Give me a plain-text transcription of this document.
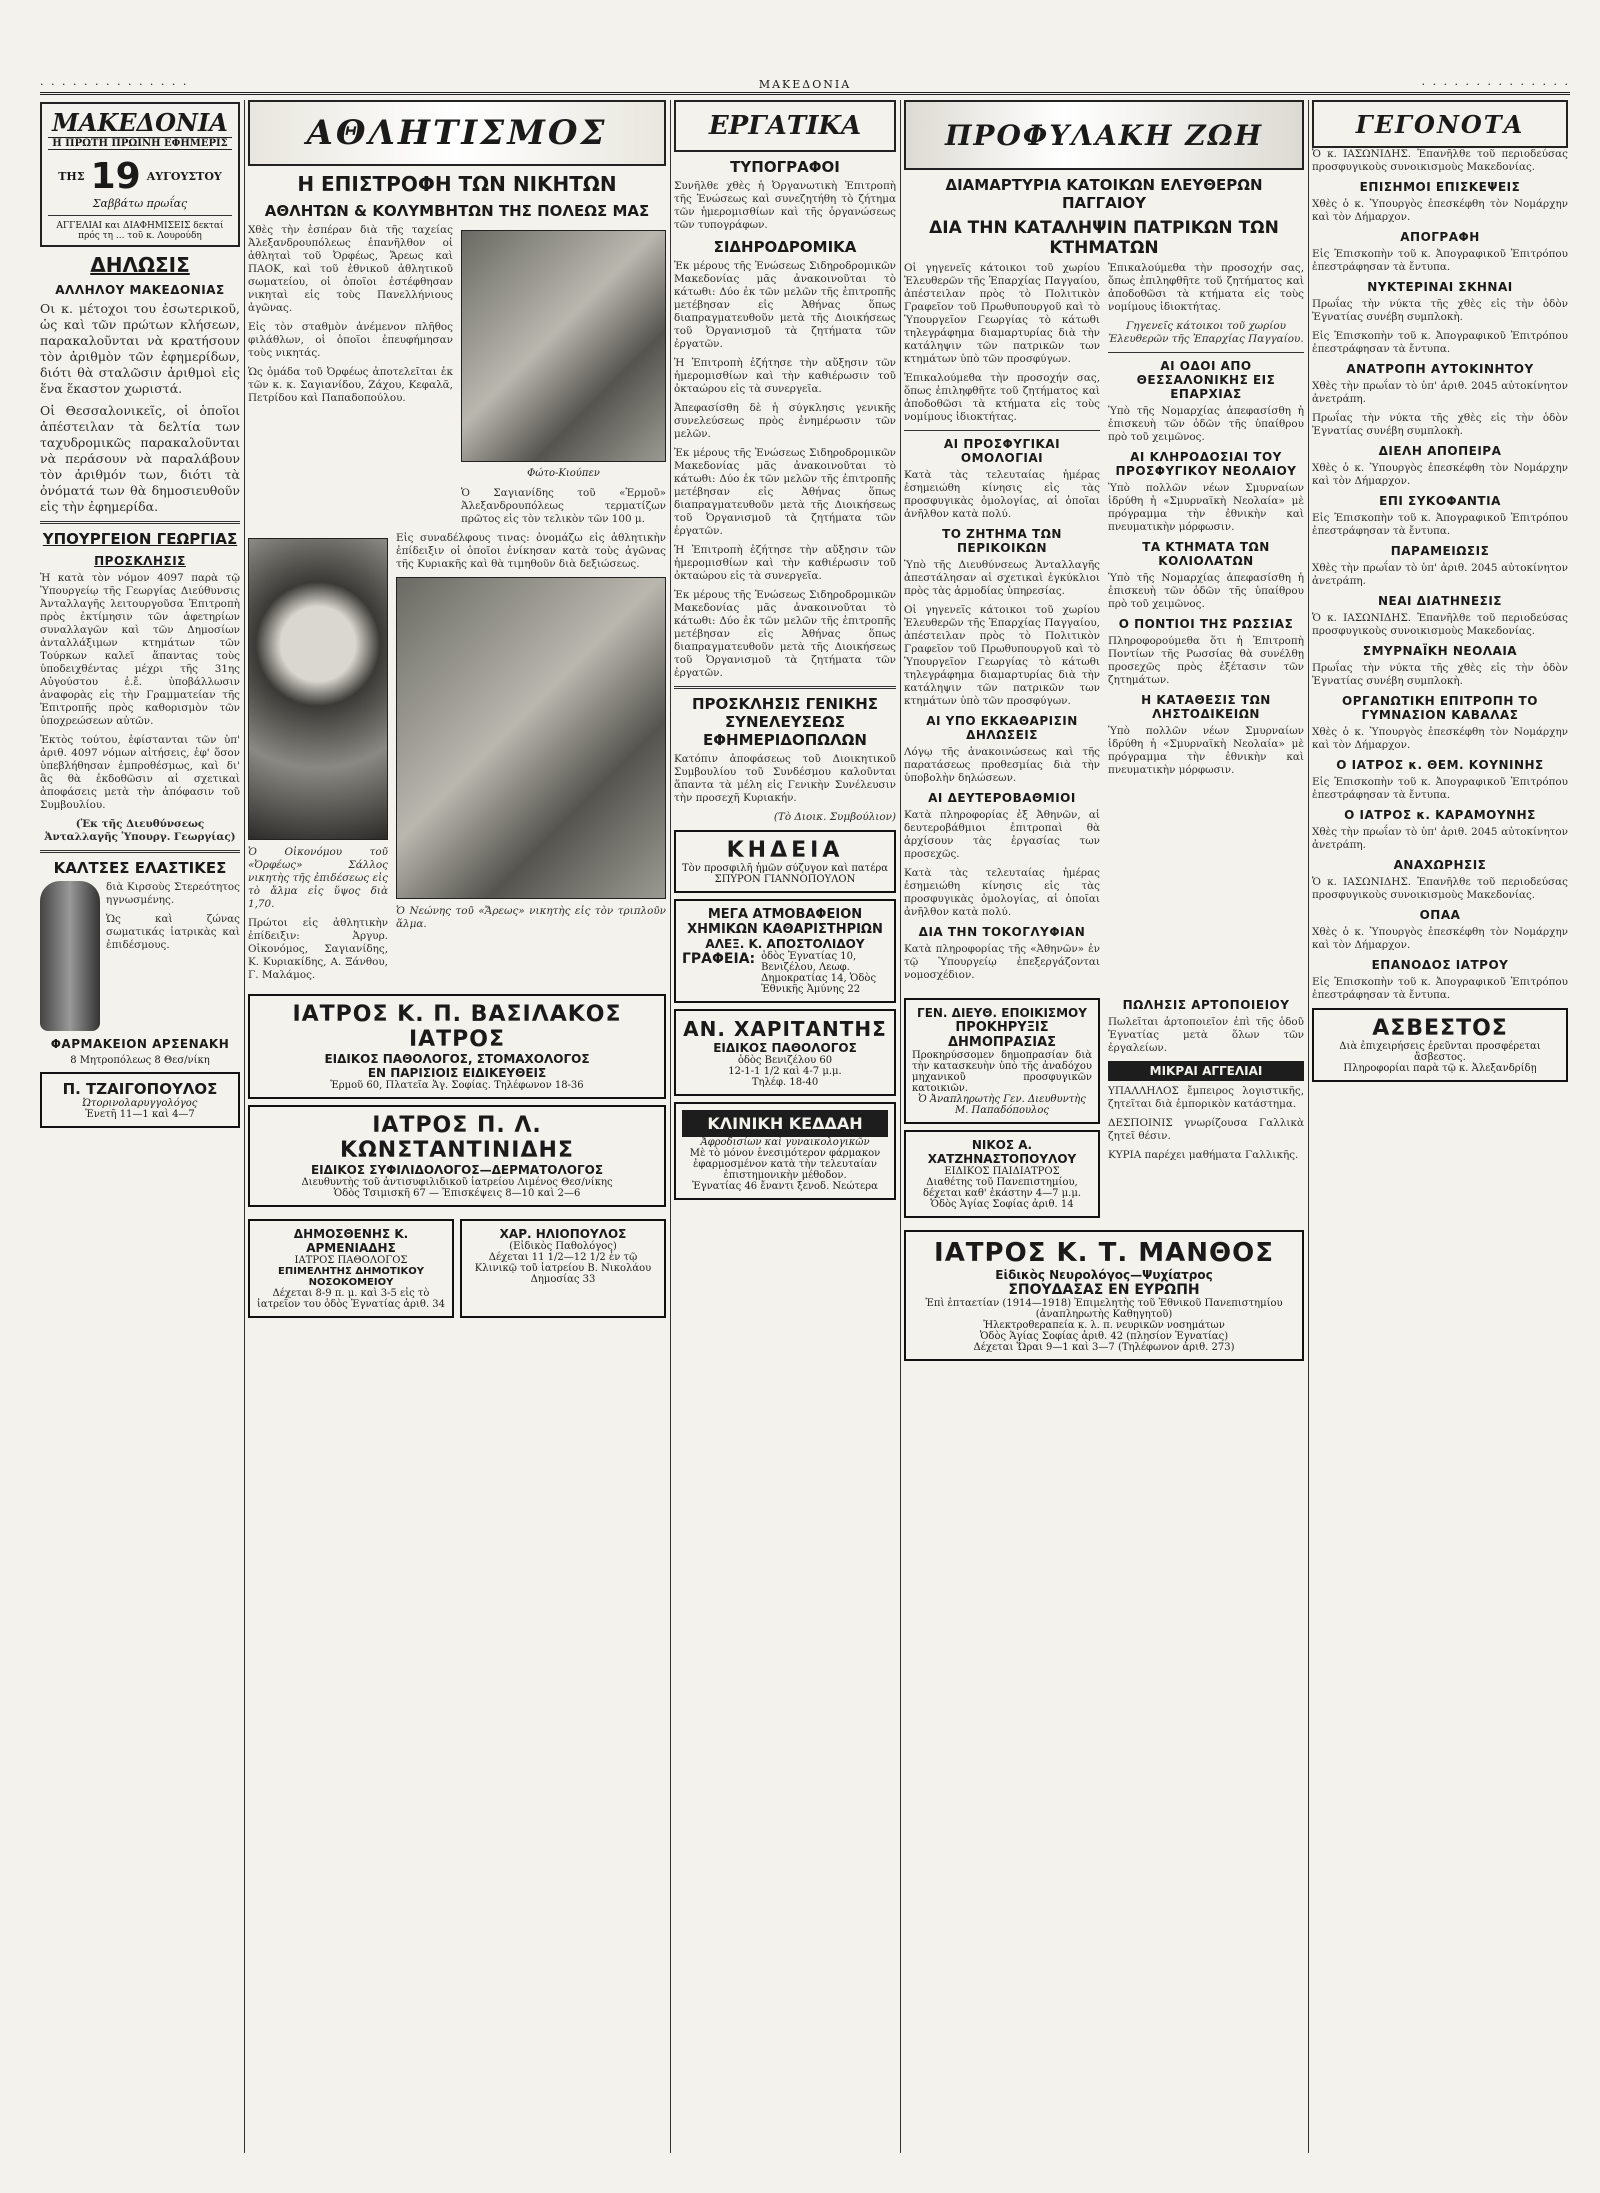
· · · · · · · · · · · · · ·	ΜΑΚΕΔΟΝΙΑ	· · · · · · · · · · · · · ·
ΜΑΚΕΔΟΝΙΑ
Η ΠΡΩΤΗ ΠΡΩΙΝΗ ΕΦΗΜΕΡΙΣ
ΤΗΣ 19 ΑΥΓΟΥΣΤΟΥ
Σαββάτω πρωΐας
ΑΓΓΕΛΙΑΙ και ΔΙΑΦΗΜΙΣΕΙΣ δεκταί πρός τη ... τοῦ κ. Λουρούδη
ΔΗΛΩΣΙΣ
ΑΛΛΗΛΟΥ ΜΑΚΕΔΟΝΙΑΣ

Οι κ. μέτοχοι του ἐσωτερικοῦ, ὡς καὶ τῶν πρώτων κλήσεων, παρακαλοῦνται νὰ κρατήσουν τὸν ἀριθμὸν τῶν ἐφημερίδων, διότι θὰ σταλῶσιν ἀριθμοὶ εἰς ἕνα ἕκαστον χωριστά.

Οἱ Θεσσαλονικεῖς, οἱ ὁποῖοι ἀπέστειλαν τὰ δελτία των ταχυδρομικῶς παρακαλοῦνται νὰ περάσουν νὰ παραλάβουν τὸν ἀριθμόν των, διότι τὰ ὀνόματά των θὰ δημοσιευθοῦν εἰς τὴν ἐφημερίδα.

ΥΠΟΥΡΓΕΙΟΝ ΓΕΩΡΓΙΑΣ
ΠΡΟΣΚΛΗΣΙΣ

Ἡ κατὰ τὸν νόμον 4097 παρὰ τῷ Ὑπουργείῳ τῆς Γεωργίας Διεύθυνσις Ἀνταλλαγῆς λειτουργοῦσα Ἐπιτροπὴ πρὸς ἐκτίμησιν τῶν ἀφετηρίων συναλλαγῶν καὶ τῶν Δημοσίων ἀνταλλάξιμων κτημάτων τῶν Τούρκων καλεῖ ἅπαντας τοὺς ὑποδειχθέντας μέχρι τῆς 31ης Αὐγούστου ἐ.ἔ. ὑποβάλλωσιν ἀναφορὰς εἰς τὴν Γραμματείαν τῆς Ἐπιτροπῆς πρὸς καθορισμὸν τῶν ὑποχρεώσεων αὐτῶν.

Ἐκτὸς τούτου, ἐφίστανται τῶν ὑπ' ἀριθ. 4097 νόμων αἰτήσεις, ἐφ' ὅσον ὑπεβλήθησαν ἐμπροθέσμως, καὶ δι' ἃς θὰ ἐκδοθῶσιν αἱ σχετικαὶ ἀποφάσεις μετὰ τὴν ἀπόφασιν τοῦ Συμβουλίου.

(Ἐκ τῆς Διευθύνσεως Ἀνταλλαγῆς Ὑπουργ. Γεωργίας)

ΚΑΛΤΣΕΣ ΕΛΑΣΤΙΚΕΣ

διὰ Κιρσοὺς Στερεότητος ηγνωσμένης.

Ὡς καὶ ζώνας σωματικάς ἰατρικὰς καὶ ἐπιδέσμους.

ΦΑΡΜΑΚΕΙΟΝ ΑΡΣΕΝΑΚΗ
8 Μητροπόλεως 8 Θεσ/νίκη
Π. ΤΖΑΙΓΟΠΟΥΛΟΣ
Ὠτορινολαρυγγολόγος
Ἐνετῆ 11—1 καὶ 4—7
ΑΘΛΗΤΙΣΜΟΣ
Η ΕΠΙΣΤΡΟΦΗ ΤΩΝ ΝΙΚΗΤΩΝ
ΑΘΛΗΤΩΝ & ΚΟΛΥΜΒΗΤΩΝ ΤΗΣ ΠΟΛΕΩΣ ΜΑΣ

Χθὲς τὴν ἑσπέραν διὰ τῆς ταχείας Ἀλεξανδρουπόλεως ἐπανῆλθον οἱ ἀθληταὶ τοῦ Ὀρφέως, Ἄρεως καὶ ΠΑΟΚ, καὶ τοῦ ἐθνικοῦ ἀθλητικοῦ σωματείου, οἱ ὁποῖοι ἐστέφθησαν νικηταὶ εἰς τοὺς Πανελλήνιους ἀγῶνας.

Εἰς τὸν σταθμὸν ἀνέμενον πλῆθος φιλάθλων, οἱ ὁποῖοι ἐπευφήμησαν τοὺς νικητάς.

Ὡς ὁμάδα τοῦ Ὀρφέως ἀποτελεῖται ἐκ τῶν κ. κ. Σαγιανίδου, Ζάχου, Κεφαλᾶ, Πετρίδου καὶ Παπαδοπούλου.

Φώτο-Κιούπεν

Ὁ Σαγιανίδης τοῦ «Ἑρμοῦ» Ἀλεξανδρουπόλεως τερματίζων πρῶτος εἰς τὸν τελικὸν τῶν 100 μ.

Ὁ Οἰκονόμου τοῦ «Ὀρφέως» Σάλλος νικητὴς τῆς ἐπιδέσεως εἰς τὸ ἄλμα εἰς ὕψος διὰ 1,70.

Πρώτοι εἰς ἀθλητικὴν ἐπίδειξιν: Ἀργυρ. Οἰκονόμος, Σαγιανίδης, Κ. Κυριακίδης, Α. Ξάνθου, Γ. Μαλάμος.

Εἰς συναδέλφους τινας: ὀνομάζω εἰς ἀθλητικὴν ἐπίδειξιν οἱ ὁποῖοι ἐνίκησαν κατὰ τοὺς ἀγῶνας τῆς Κυριακῆς καὶ θὰ τιμηθοῦν διὰ δεξιώσεως.

Ὁ Νεώνης τοῦ «Ἄρεως» νικητὴς εἰς τὸν τριπλοῦν ἅλμα.

ΙΑΤΡΟΣ Κ. Π. ΒΑΣΙΛΑΚΟΣ ΙΑΤΡΟΣ
ΕΙΔΙΚΟΣ ΠΑΘΟΛΟΓΟΣ, ΣΤΟΜΑΧΟΛΟΓΟΣ
ΕΝ ΠΑΡΙΣΙΟΙΣ ΕΙΔΙΚΕΥΘΕΙΣ
Ἑρμοῦ 60, Πλατεῖα Ἁγ. Σοφίας. Τηλέφωνον 18-36
ΙΑΤΡΟΣ Π. Λ. ΚΩΝΣΤΑΝΤΙΝΙΔΗΣ
ΕΙΔΙΚΟΣ ΣΥΦΙΛΙΔΟΛΟΓΟΣ—ΔΕΡΜΑΤΟΛΟΓΟΣ
Διευθυντὴς τοῦ ἀντισυφιλιδικοῦ ἰατρείου Λιμένος Θεσ/νίκης
Ὁδὸς Τσιμισκῆ 67 — Ἐπισκέψεις 8—10 καὶ 2—6
ΔΗΜΟΣΘΕΝΗΣ Κ. ΑΡΜΕΝΙΑΔΗΣ
ΙΑΤΡΟΣ ΠΑΘΟΛΟΓΟΣ
ΕΠΙΜΕΛΗΤΗΣ ΔΗΜΟΤΙΚΟΥ ΝΟΣΟΚΟΜΕΙΟΥ
Δέχεται 8-9 π. μ. καὶ 3-5 εἰς τὸ ἰατρεῖον του ὁδὸς Ἐγνατίας ἀριθ. 34
ΧΑΡ. ΗΛΙΟΠΟΥΛΟΣ
(Εἰδικὸς Παθολόγος)
Δέχεται 11 1/2—12 1/2 ἐν τῷ Κλινικῷ τοῦ ἰατρείου Β. Νικολάου Δημοσίας 33
ΕΡΓΑΤΙΚΑ
ΤΥΠΟΓΡΑΦΟΙ

Συνῆλθε χθὲς ἡ Ὀργανωτικὴ Ἐπιτροπὴ τῆς Ἑνώσεως καὶ συνεζητήθη τὸ ζήτημα τῶν ἡμερομισθίων καὶ τῆς ὀργανώσεως τῶν τυπογράφων.

ΣΙΔΗΡΟΔΡΟΜΙΚΑ

Ἐκ μέρους τῆς Ἑνώσεως Σιδηροδρομικῶν Μακεδονίας μᾶς ἀνακοινοῦται τὸ κάτωθι: Δύο ἐκ τῶν μελῶν τῆς ἐπιτροπῆς μετέβησαν εἰς Ἀθήνας ὅπως διαπραγματευθοῦν μετὰ τῆς Διοικήσεως τοῦ Ὀργανισμοῦ τὰ ζητήματα τῶν ἐργατῶν.

Ἡ Ἐπιτροπὴ ἐζήτησε τὴν αὔξησιν τῶν ἡμερομισθίων καὶ τὴν καθιέρωσιν τοῦ ὀκταώρου εἰς τὰ συνεργεῖα.

Ἀπεφασίσθη δὲ ἡ σύγκλησις γενικῆς συνελεύσεως πρὸς ἐνημέρωσιν τῶν μελῶν.

Ἐκ μέρους τῆς Ἑνώσεως Σιδηροδρομικῶν Μακεδονίας μᾶς ἀνακοινοῦται τὸ κάτωθι: Δύο ἐκ τῶν μελῶν τῆς ἐπιτροπῆς μετέβησαν εἰς Ἀθήνας ὅπως διαπραγματευθοῦν μετὰ τῆς Διοικήσεως τοῦ Ὀργανισμοῦ τὰ ζητήματα τῶν ἐργατῶν.

Ἡ Ἐπιτροπὴ ἐζήτησε τὴν αὔξησιν τῶν ἡμερομισθίων καὶ τὴν καθιέρωσιν τοῦ ὀκταώρου εἰς τὰ συνεργεῖα.

Ἐκ μέρους τῆς Ἑνώσεως Σιδηροδρομικῶν Μακεδονίας μᾶς ἀνακοινοῦται τὸ κάτωθι: Δύο ἐκ τῶν μελῶν τῆς ἐπιτροπῆς μετέβησαν εἰς Ἀθήνας ὅπως διαπραγματευθοῦν μετὰ τῆς Διοικήσεως τοῦ Ὀργανισμοῦ τὰ ζητήματα τῶν ἐργατῶν.

ΠΡΟΣΚΛΗΣΙΣ ΓΕΝΙΚΗΣ ΣΥΝΕΛΕΥΣΕΩΣ ΕΦΗΜΕΡΙΔΟΠΩΛΩΝ

Κατόπιν ἀποφάσεως τοῦ Διοικητικοῦ Συμβουλίου τοῦ Συνδέσμου καλοῦνται ἅπαντα τὰ μέλη εἰς Γενικὴν Συνέλευσιν τὴν προσεχῆ Κυριακήν.

(Τὸ Διοικ. Συμβούλιον)

ΚΗΔΕΙΑ
Τὸν προσφιλῆ ἡμῶν σύζυγον καὶ πατέρα ΣΠΥΡΟΝ ΓΙΑΝΝΟΠΟΥΛΟΝ
ΜΕΓΑ ΑΤΜΟΒΑΦΕΙΟΝ ΧΗΜΙΚΩΝ ΚΑΘΑΡΙΣΤΗΡΙΩΝ
ΑΛΕΞ. Κ. ΑΠΟΣΤΟΛΙΔΟΥ
ΓΡΑΦΕΙΑ: ὁδὸς Ἐγνατίας 10, Βενιζέλου, Λεωφ. Δημοκρατίας 14, Ὁδὸς Ἐθνικῆς Ἀμύνης 22
ΑΝ. ΧΑΡΙΤΑΝΤΗΣ
ΕΙΔΙΚΟΣ ΠΑΘΟΛΟΓΟΣ
ὁδὸς Βενιζέλου 60
12-1-1 1/2 καὶ 4-7 μ.μ.
Τηλέφ. 18-40
ΚΛΙΝΙΚΗ ΚΕΔΔΑΗ
Ἀφροδισίων καὶ γυναικολογικῶν
Μὲ τὸ μόνον ἐνεσιμότερον φάρμακον ἐφαρμοσμένον κατὰ τὴν τελευταίαν ἐπιστημονικὴν μέθοδον.
Ἐγνατίας 46 ἔναντι ξενοδ. Νεώτερα
ΠΡΟΦΥΛΑΚΗ ΖΩΗ
ΔΙΑΜΑΡΤΥΡΙΑ ΚΑΤΟΙΚΩΝ ΕΛΕΥΘΕΡΩΝ ΠΑΓΓΑΙΟΥ
ΔΙΑ ΤΗΝ ΚΑΤΑΛΗΨΙΝ ΠΑΤΡΙΚΩΝ ΤΩΝ ΚΤΗΜΑΤΩΝ

Οἱ γηγενεῖς κάτοικοι τοῦ χωρίου Ἐλευθερῶν τῆς Ἐπαρχίας Παγγαίου, ἀπέστειλαν πρὸς τὸ Πολιτικὸν Γραφεῖον τοῦ Πρωθυπουργοῦ καὶ τὸ Ὑπουργεῖον Γεωργίας τὸ κάτωθι τηλεγράφημα διαμαρτυρίας διὰ τὴν κατάληψιν τῶν πατρικῶν των κτημάτων ὑπὸ τῶν προσφύγων.

Ἐπικαλούμεθα τὴν προσοχήν σας, ὅπως ἐπιληφθῆτε τοῦ ζητήματος καὶ ἀποδοθῶσι τὰ κτήματα εἰς τοὺς νομίμους ἰδιοκτήτας.

ΑΙ ΠΡΟΣΦΥΓΙΚΑΙ ΟΜΟΛΟΓΙΑΙ

Κατὰ τὰς τελευταίας ἡμέρας ἐσημειώθη κίνησις εἰς τὰς προσφυγικὰς ὁμολογίας, αἱ ὁποῖαι ἀνῆλθον κατὰ πολύ.

ΤΟ ΖΗΤΗΜΑ ΤΩΝ ΠΕΡΙΚΟΙΚΩΝ

Ὑπὸ τῆς Διευθύνσεως Ἀνταλλαγῆς ἀπεστάλησαν αἱ σχετικαὶ ἐγκύκλιοι πρὸς τὰς ἁρμοδίας ὑπηρεσίας.

Οἱ γηγενεῖς κάτοικοι τοῦ χωρίου Ἐλευθερῶν τῆς Ἐπαρχίας Παγγαίου, ἀπέστειλαν πρὸς τὸ Πολιτικὸν Γραφεῖον τοῦ Πρωθυπουργοῦ καὶ τὸ Ὑπουργεῖον Γεωργίας τὸ κάτωθι τηλεγράφημα διαμαρτυρίας διὰ τὴν κατάληψιν τῶν πατρικῶν των κτημάτων ὑπὸ τῶν προσφύγων.

ΑΙ ΥΠΟ ΕΚΚΑΘΑΡΙΣΙΝ ΔΗΛΩΣΕΙΣ

Λόγῳ τῆς ἀνακοινώσεως καὶ τῆς παρατάσεως προθεσμίας διὰ τὴν ὑποβολὴν δηλώσεων.

ΑΙ ΔΕΥΤΕΡΟΒΑΘΜΙΟΙ

Κατὰ πληροφορίας ἐξ Ἀθηνῶν, αἱ δευτεροβάθμιοι ἐπιτροπαὶ θὰ ἀρχίσουν τὰς ἐργασίας των προσεχῶς.

Κατὰ τὰς τελευταίας ἡμέρας ἐσημειώθη κίνησις εἰς τὰς προσφυγικὰς ὁμολογίας, αἱ ὁποῖαι ἀνῆλθον κατὰ πολύ.

ΔΙΑ ΤΗΝ ΤΟΚΟΓΛΥΦΙΑΝ

Κατὰ πληροφορίας τῆς «Ἀθηνῶν» ἐν τῷ Ὑπουργείῳ ἐπεξεργάζονται νομοσχέδιον.

Ἐπικαλούμεθα τὴν προσοχήν σας, ὅπως ἐπιληφθῆτε τοῦ ζητήματος καὶ ἀποδοθῶσι τὰ κτήματα εἰς τοὺς νομίμους ἰδιοκτήτας.

Γηγενεῖς κάτοικοι τοῦ χωρίου Ἐλευθερῶν τῆς Ἐπαρχίας Παγγαίου.

ΑΙ ΟΔΟΙ ΑΠΟ ΘΕΣΣΑΛΟΝΙΚΗΣ ΕΙΣ ΕΠΑΡΧΙΑΣ

Ὑπὸ τῆς Νομαρχίας ἀπεφασίσθη ἡ ἐπισκευὴ τῶν ὁδῶν τῆς ὑπαίθρου πρὸ τοῦ χειμῶνος.

ΑΙ ΚΛΗΡΟΔΟΣΙΑΙ ΤΟΥ ΠΡΟΣΦΥΓΙΚΟΥ ΝΕΟΛΑΙΟΥ

Ὑπὸ πολλῶν νέων Σμυρναίων ἱδρύθη ἡ «Σμυρναϊκὴ Νεολαία» μὲ πρόγραμμα τὴν ἐθνικὴν καὶ πνευματικὴν μόρφωσιν.

ΤΑ ΚΤΗΜΑΤΑ ΤΩΝ ΚΟΛΙΟΛΑΤΩΝ

Ὑπὸ τῆς Νομαρχίας ἀπεφασίσθη ἡ ἐπισκευὴ τῶν ὁδῶν τῆς ὑπαίθρου πρὸ τοῦ χειμῶνος.

Ο ΠΟΝΤΙΟΙ ΤΗΣ ΡΩΣΣΙΑΣ

Πληροφορούμεθα ὅτι ἡ Ἐπιτροπὴ Ποντίων τῆς Ρωσσίας θὰ συνέλθῃ προσεχῶς πρὸς ἐξέτασιν τῶν ζητημάτων.

Η ΚΑΤΑΘΕΣΙΣ ΤΩΝ ΛΗΣΤΟΔΙΚΕΙΩΝ

Ὑπὸ πολλῶν νέων Σμυρναίων ἱδρύθη ἡ «Σμυρναϊκὴ Νεολαία» μὲ πρόγραμμα τὴν ἐθνικὴν καὶ πνευματικὴν μόρφωσιν.

ΓΕΝ. ΔΙΕΥΘ. ΕΠΟΙΚΙΣΜΟΥ
ΠΡΟΚΗΡΥΞΙΣ ΔΗΜΟΠΡΑΣΙΑΣ
Προκηρύσσομεν δημοπρασίαν διὰ τὴν κατασκευὴν ὑπὸ τῆς ἀναδόχου μηχανικοῦ προσφυγικῶν κατοικιῶν.
Ὁ Ἀναπληρωτὴς Γεν. Διευθυντὴς Μ. Παπαδόπουλος
ΝΙΚΟΣ Α. ΧΑΤΖΗΝΑΣΤΟΠΟΥΛΟΥ
ΕΙΔΙΚΟΣ ΠΑΙΔΙΑΤΡΟΣ
Διαθέτης τοῦ Πανεπιστημίου, δέχεται καθ' ἑκάστην 4—7 μ.μ. Ὁδὸς Ἁγίας Σοφίας ἀριθ. 14
ΠΩΛΗΣΙΣ ΑΡΤΟΠΟΙΕΙΟΥ

Πωλεῖται ἀρτοποιεῖον ἐπὶ τῆς ὁδοῦ Ἐγνατίας μετὰ ὅλων τῶν ἐργαλείων.

ΜΙΚΡΑΙ ΑΓΓΕΛΙΑΙ

ΥΠΑΛΛΗΛΟΣ ἔμπειρος λογιστικῆς, ζητεῖται διὰ ἐμπορικὸν κατάστημα.

ΔΕΣΠΟΙΝΙΣ γνωρίζουσα Γαλλικὰ ζητεῖ θέσιν.

ΚΥΡΙΑ παρέχει μαθήματα Γαλλικῆς.

ΙΑΤΡΟΣ Κ. Τ. ΜΑΝΘΟΣ
Εἰδικὸς Νευρολόγος—Ψυχίατρος
ΣΠΟΥΔΑΣΑΣ ΕΝ ΕΥΡΩΠΗ
Ἐπὶ ἑπταετίαν (1914—1918) Ἐπιμελητὴς τοῦ Ἐθνικοῦ Πανεπιστημίου (ἀναπληρωτὴς Καθηγητοῦ)
Ἠλεκτροθεραπεία κ. λ. π. νευρικῶν νοσημάτων
Ὁδὸς Ἁγίας Σοφίας ἀριθ. 42 (πλησίον Ἐγνατίας)
Δέχεται Ὥραι 9—1 καὶ 3—7 (Τηλέφωνον ἀριθ. 273)
ΓΕΓΟΝΟΤΑ

Ὁ κ. ΙΑΣΩΝΙΔΗΣ. Ἐπανῆλθε τοῦ περιοδεύσας προσφυγικοὺς συνοικισμοὺς Μακεδονίας.

ΕΠΙΣΗΜΟΙ ΕΠΙΣΚΕΨΕΙΣ

Χθὲς ὁ κ. Ὑπουργὸς ἐπεσκέφθη τὸν Νομάρχην καὶ τὸν Δήμαρχον.

ΑΠΟΓΡΑΦΗ

Εἰς Ἐπισκοπὴν τοῦ κ. Ἀπογραφικοῦ Ἐπιτρόπου ἐπεστράφησαν τὰ ἔντυπα.

ΝΥΚΤΕΡΙΝΑΙ ΣΚΗΝΑΙ

Πρωΐας τὴν νύκτα τῆς χθὲς εἰς τὴν ὁδὸν Ἐγνατίας συνέβη συμπλοκὴ.

Εἰς Ἐπισκοπὴν τοῦ κ. Ἀπογραφικοῦ Ἐπιτρόπου ἐπεστράφησαν τὰ ἔντυπα.

ΑΝΑΤΡΟΠΗ ΑΥΤΟΚΙΝΗΤΟΥ

Χθὲς τὴν πρωΐαν τὸ ὑπ' ἀριθ. 2045 αὐτοκίνητον ἀνετράπη.

Πρωΐας τὴν νύκτα τῆς χθὲς εἰς τὴν ὁδὸν Ἐγνατίας συνέβη συμπλοκὴ.

ΔΙΕΛΗ ΑΠΟΠΕΙΡΑ

Χθὲς ὁ κ. Ὑπουργὸς ἐπεσκέφθη τὸν Νομάρχην καὶ τὸν Δήμαρχον.

ΕΠΙ ΣΥΚΟΦΑΝΤΙΑ

Εἰς Ἐπισκοπὴν τοῦ κ. Ἀπογραφικοῦ Ἐπιτρόπου ἐπεστράφησαν τὰ ἔντυπα.

ΠΑΡΑΜΕΙΩΣΙΣ

Χθὲς τὴν πρωΐαν τὸ ὑπ' ἀριθ. 2045 αὐτοκίνητον ἀνετράπη.

ΝΕΑΙ ΔΙΑΤΗΝΕΣΙΣ

Ὁ κ. ΙΑΣΩΝΙΔΗΣ. Ἐπανῆλθε τοῦ περιοδεύσας προσφυγικοὺς συνοικισμοὺς Μακεδονίας.

ΣΜΥΡΝΑΪΚΗ ΝΕΟΛΑΙΑ

Πρωΐας τὴν νύκτα τῆς χθὲς εἰς τὴν ὁδὸν Ἐγνατίας συνέβη συμπλοκὴ.

ΟΡΓΑΝΩΤΙΚΗ ΕΠΙΤΡΟΠΗ ΤΟ ΓΥΜΝΑΣΙΟΝ ΚΑΒΑΛΑΣ

Χθὲς ὁ κ. Ὑπουργὸς ἐπεσκέφθη τὸν Νομάρχην καὶ τὸν Δήμαρχον.

Ο ΙΑΤΡΟΣ κ. ΘΕΜ. ΚΟΥΝΙΝΗΣ

Εἰς Ἐπισκοπὴν τοῦ κ. Ἀπογραφικοῦ Ἐπιτρόπου ἐπεστράφησαν τὰ ἔντυπα.

Ο ΙΑΤΡΟΣ κ. ΚΑΡΑΜΟΥΝΗΣ

Χθὲς τὴν πρωΐαν τὸ ὑπ' ἀριθ. 2045 αὐτοκίνητον ἀνετράπη.

ΑΝΑΧΩΡΗΣΙΣ

Ὁ κ. ΙΑΣΩΝΙΔΗΣ. Ἐπανῆλθε τοῦ περιοδεύσας προσφυγικοὺς συνοικισμοὺς Μακεδονίας.

ΟΠΑΑ

Χθὲς ὁ κ. Ὑπουργὸς ἐπεσκέφθη τὸν Νομάρχην καὶ τὸν Δήμαρχον.

ΕΠΑΝΟΔΟΣ ΙΑΤΡΟΥ

Εἰς Ἐπισκοπὴν τοῦ κ. Ἀπογραφικοῦ Ἐπιτρόπου ἐπεστράφησαν τὰ ἔντυπα.

ΑΣΒΕΣΤΟΣ
Διὰ ἐπιχειρήσεις ἐρεῦνται προσφέρεται ἄσβεστος.
Πληροφορίαι παρὰ τῷ κ. Ἀλεξανδρίδῃ
